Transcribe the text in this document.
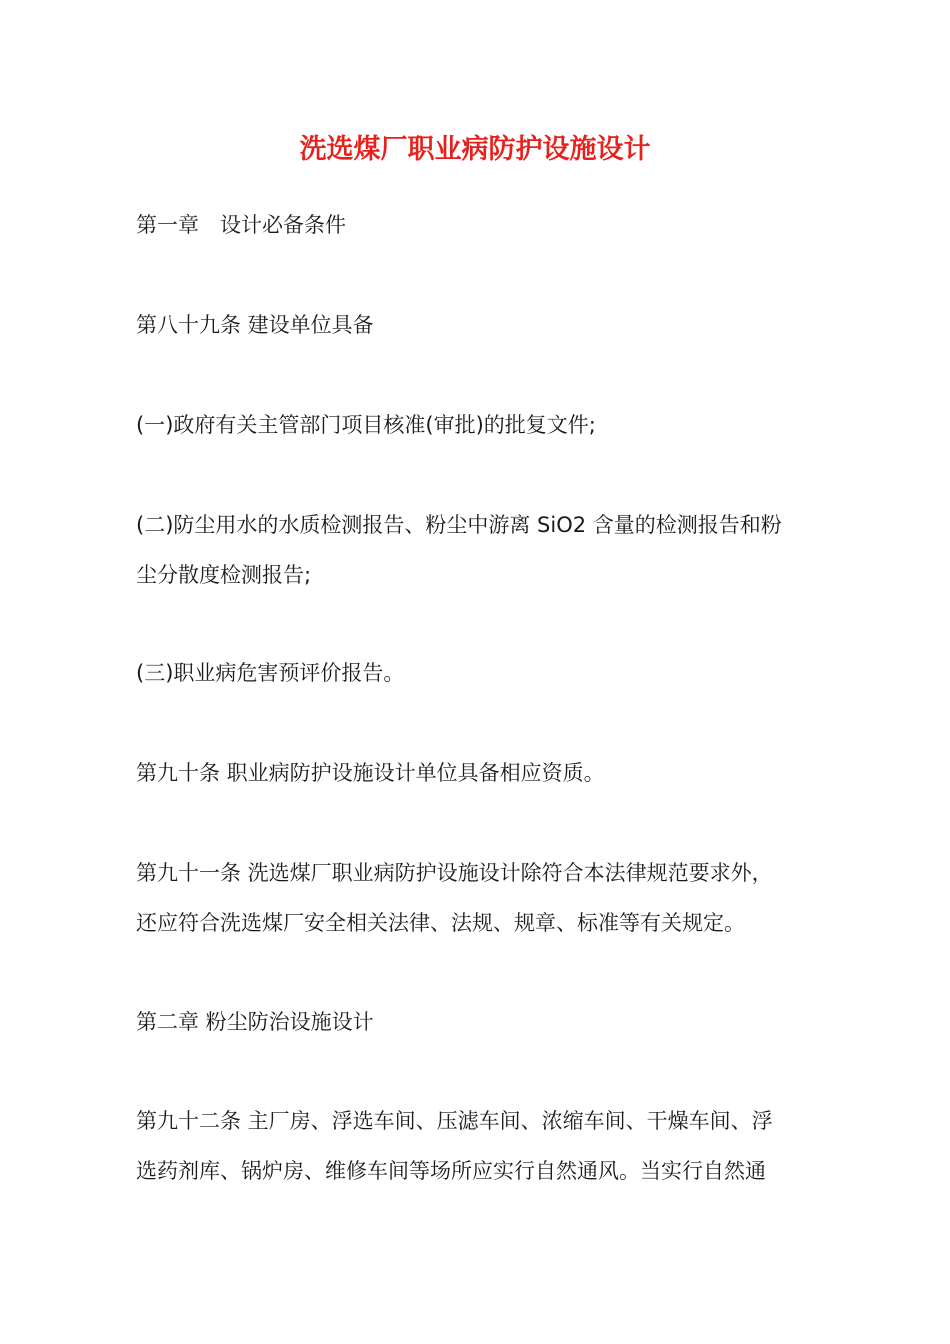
洗选煤厂职业病防护设施设计

第一章　设计必备条件

第八十九条 建设单位具备

(一)政府有关主管部门项目核准(审批)的批复文件;

(二)防尘用水的水质检测报告、粉尘中游离 SiO2 含量的检测报告和粉
尘分散度检测报告;

(三)职业病危害预评价报告。

第九十条 职业病防护设施设计单位具备相应资质。

第九十一条 洗选煤厂职业病防护设施设计除符合本法律规范要求外，
还应符合洗选煤厂安全相关法律、法规、规章、标准等有关规定。

第二章 粉尘防治设施设计

第九十二条 主厂房、浮选车间、压滤车间、浓缩车间、干燥车间、浮
选药剂库、锅炉房、维修车间等场所应实行自然通风。当实行自然通
